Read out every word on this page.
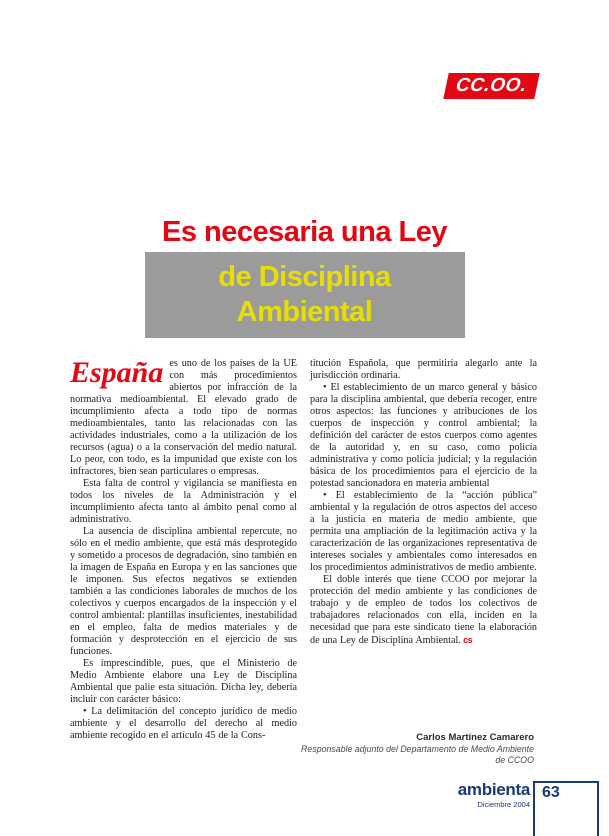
CC.OO.
Es necesaria una Ley
de Disciplina
Ambiental

España es uno de los países de la UE con más procedimientos abiertos por infracción de la normativa medioambiental. El elevado grado de incumplimiento afecta a todo tipo de normas medioambientales, tanto las relacionadas con las actividades industriales, como a la utilización de los recursos (agua) o a la conservación del medio natural. Lo peor, con todo, es la impunidad que existe con los infractores, bien sean particulares o empresas.

Esta falta de control y vigilancia se manifiesta en todos los niveles de la Administración y el incumplimiento afecta tanto al ámbito penal como al administrativo.

La ausencia de disciplina ambiental repercute, no sólo en el medio ambiente, que está más desprotegido y sometido a procesos de degradación, sino también en la imagen de España en Europa y en las sanciones que le imponen. Sus efectos negativos se extienden también a las condiciones laborales de muchos de los colectivos y cuerpos encargados de la inspección y el control ambiental: plantillas insuficientes, inestabilidad en el empleo, falta de medios materiales y de formación y desprotección en el ejercicio de sus funciones.

Es imprescindible, pues, que el Ministerio de Medio Ambiente elabore una Ley de Disciplina Ambiental que palie esta situación. Dicha ley, debería incluir con carácter básico:

• La delimitación del concepto jurídico de medio ambiente y el desarrollo del derecho al medio ambiente recogido en el artículo 45 de la Cons-

titución Española, que permitiría alegarlo ante la jurisdicción ordinaria.

• El establecimiento de un marco general y básico para la disciplina ambiental, que debería recoger, entre otros aspectos: las funciones y atribuciones de los cuerpos de inspección y control ambiental; la definición del carácter de estos cuerpos como agentes de la autoridad y, en su caso, como policía administrativa y como policía judicial; y la regulación básica de los procedimientos para el ejercicio de la potestad sancionadora en materia ambiental

• El establecimiento de la “acción pública” ambiental y la regulación de otros aspectos del acceso a la justicia en materia de medio ambiente, que permita una ampliación de la legitimación activa y la caracterización de las organizaciones representativa de intereses sociales y ambientales como interesados en los procedimientos administrativos de medio ambiente.

El doble interés que tiene CCOO por mejorar la protección del medio ambiente y las condiciones de trabajo y de empleo de todos los colectivos de trabajadores relacionados con ella, inciden en la necesidad que para este sindicato tiene la elaboración de una Ley de Disciplina Ambiental. cs

Carlos Martínez Camarero
Responsable adjunto del Departamento de Medio Ambiente
de CCOO
ambienta
Diciembre 2004
63
